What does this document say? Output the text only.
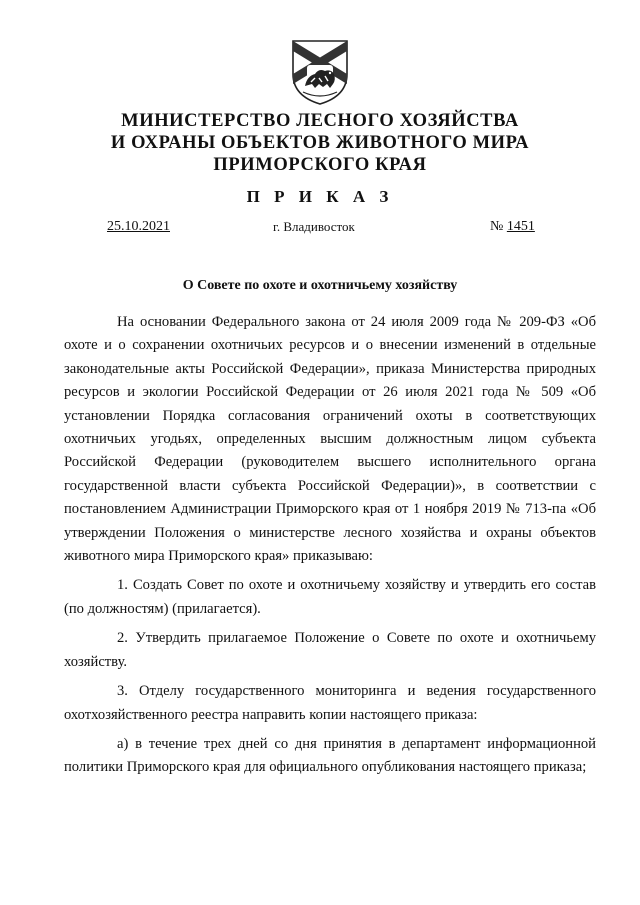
МИНИСТЕРСТВО ЛЕСНОГО ХОЗЯЙСТВА
И ОХРАНЫ ОБЪЕКТОВ ЖИВОТНОГО МИРА
ПРИМОРСКОГО КРАЯ
П Р И К А З
25.10.2021	г. Владивосток	№ 1451
О Совете по охоте и охотничьему хозяйству

На основании Федерального закона от 24 июля 2009 года № 209-ФЗ «Об охоте и о сохранении охотничьих ресурсов и о внесении изменений в отдельные законодательные акты Российской Федерации», приказа Министерства природных ресурсов и экологии Российской Федерации от 26 июля 2021 года № 509 «Об установлении Порядка согласования ограничений охоты в соответствующих охотничьих угодьях, определенных высшим должностным лицом субъекта Российской Федерации (руководителем высшего исполнительного органа государственной власти субъекта Российской Федерации)», в соответствии с постановлением Администрации Приморского края от 1 ноября 2019 № 713-па «Об утверждении Положения о министерстве лесного хозяйства и охраны объектов животного мира Приморского края» приказываю:

1. Создать Совет по охоте и охотничьему хозяйству и утвердить его состав (по должностям) (прилагается).

2. Утвердить прилагаемое Положение о Совете по охоте и охотничьему хозяйству.

3. Отделу государственного мониторинга и ведения государственного охотхозяйственного реестра направить копии настоящего приказа:

а) в течение трех дней со дня принятия в департамент информационной политики Приморского края для официального опубликования настоящего приказа;
